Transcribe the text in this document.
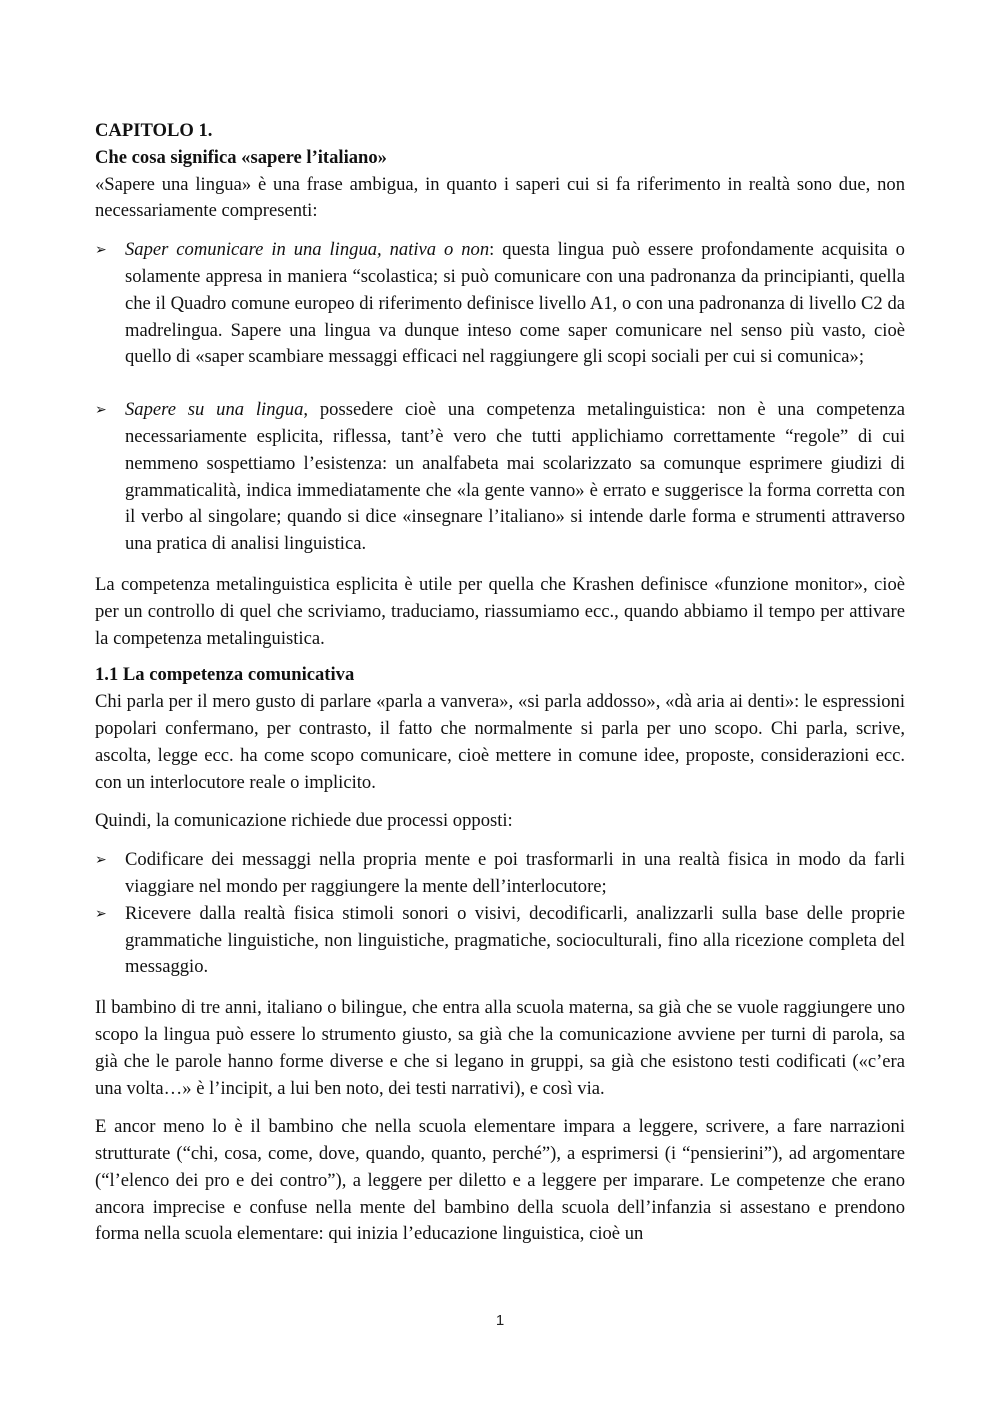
CAPITOLO 1.

Che cosa significa «sapere l’italiano»

«Sapere una lingua» è una frase ambigua, in quanto i saperi cui si fa riferimento in realtà sono due, non necessariamente compresenti:

➢ Saper comunicare in una lingua, nativa o non: questa lingua può essere profondamente acquisita o solamente appresa in maniera “scolastica; si può comunicare con una padronanza da principianti, quella che il Quadro comune europeo di riferimento definisce livello A1, o con una padronanza di livello C2 da madrelingua. Sapere una lingua va dunque inteso come saper comunicare nel senso più vasto, cioè quello di «saper scambiare messaggi efficaci nel raggiungere gli scopi sociali per cui si comunica»;
➢ Sapere su una lingua, possedere cioè una competenza metalinguistica: non è una competenza necessariamente esplicita, riflessa, tant’è vero che tutti applichiamo correttamente “regole” di cui nemmeno sospettiamo l’esistenza: un analfabeta mai scolarizzato sa comunque esprimere giudizi di grammaticalità, indica immediatamente che «la gente vanno» è errato e suggerisce la forma corretta con il verbo al singolare; quando si dice «insegnare l’italiano» si intende darle forma e strumenti attraverso una pratica di analisi linguistica.

La competenza metalinguistica esplicita è utile per quella che Krashen definisce «funzione monitor», cioè per un controllo di quel che scriviamo, traduciamo, riassumiamo ecc., quando abbiamo il tempo per attivare la competenza metalinguistica.

1.1 La competenza comunicativa

Chi parla per il mero gusto di parlare «parla a vanvera», «si parla addosso», «dà aria ai denti»: le espressioni popolari confermano, per contrasto, il fatto che normalmente si parla per uno scopo. Chi parla, scrive, ascolta, legge ecc. ha come scopo comunicare, cioè mettere in comune idee, proposte, considerazioni ecc. con un interlocutore reale o implicito.

Quindi, la comunicazione richiede due processi opposti:

➢ Codificare dei messaggi nella propria mente e poi trasformarli in una realtà fisica in modo da farli viaggiare nel mondo per raggiungere la mente dell’interlocutore;
➢ Ricevere dalla realtà fisica stimoli sonori o visivi, decodificarli, analizzarli sulla base delle proprie grammatiche linguistiche, non linguistiche, pragmatiche, socioculturali, fino alla ricezione completa del messaggio.

Il bambino di tre anni, italiano o bilingue, che entra alla scuola materna, sa già che se vuole raggiungere uno scopo la lingua può essere lo strumento giusto, sa già che la comunicazione avviene per turni di parola, sa già che le parole hanno forme diverse e che si legano in gruppi, sa già che esistono testi codificati («c’era una volta…» è l’incipit, a lui ben noto, dei testi narrativi), e così via.

E ancor meno lo è il bambino che nella scuola elementare impara a leggere, scrivere, a fare narrazioni strutturate (“chi, cosa, come, dove, quando, quanto, perché”), a esprimersi (i “pensierini”), ad argomentare (“l’elenco dei pro e dei contro”), a leggere per diletto e a leggere per imparare. Le competenze che erano ancora imprecise e confuse nella mente del bambino della scuola dell’infanzia si assestano e prendono forma nella scuola elementare: qui inizia l’educazione linguistica, cioè un

1
